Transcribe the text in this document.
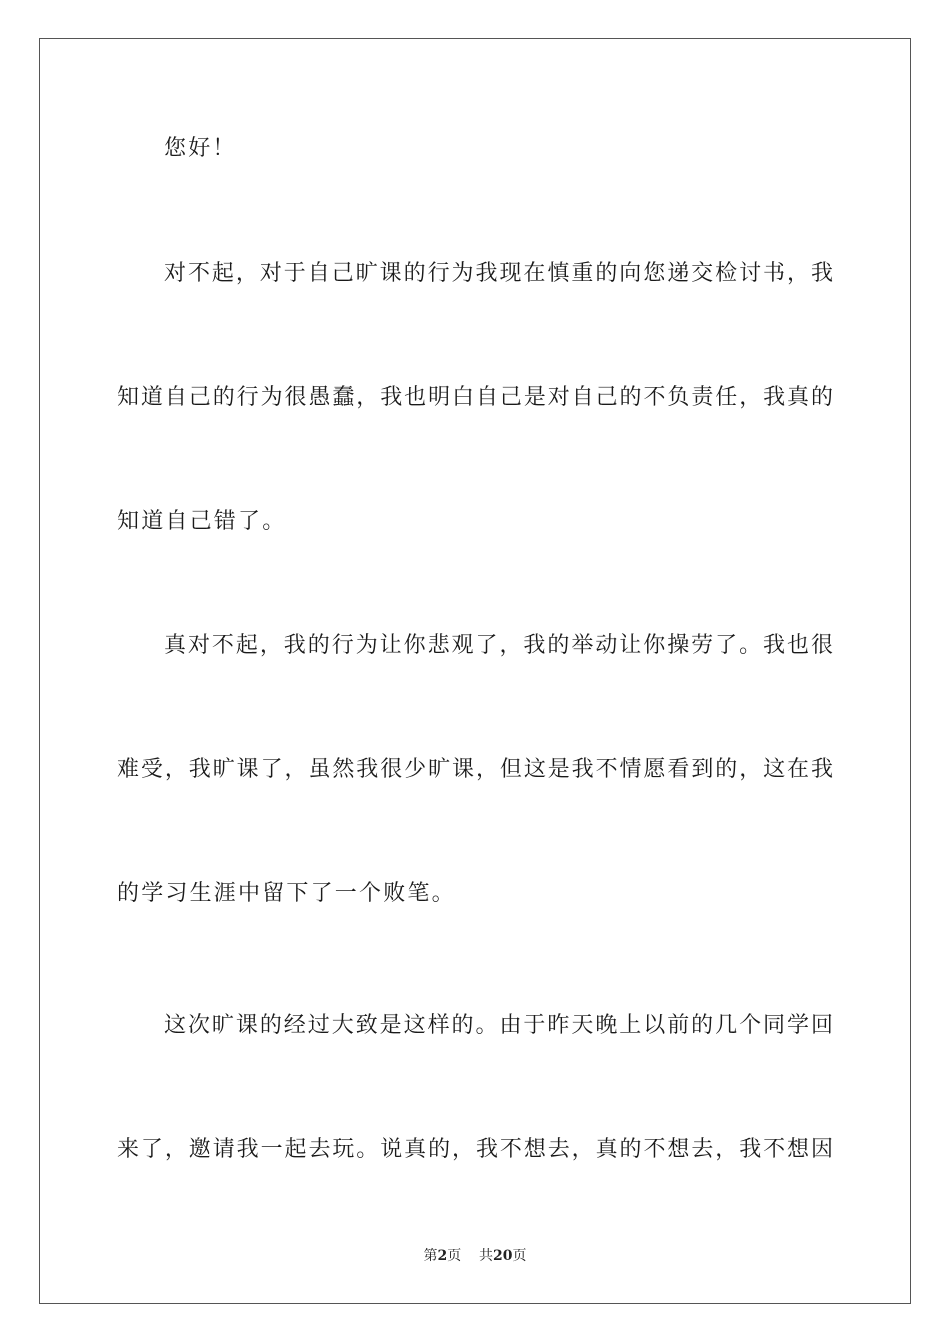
您好！
对不起，对于自己旷课的行为我现在慎重的向您递交检讨书，我
知道自己的行为很愚蠢，我也明白自己是对自己的不负责任，我真的
知道自己错了。
真对不起，我的行为让你悲观了，我的举动让你操劳了。我也很
难受，我旷课了，虽然我很少旷课，但这是我不情愿看到的，这在我
的学习生涯中留下了一个败笔。
这次旷课的经过大致是这样的。由于昨天晚上以前的几个同学回
来了，邀请我一起去玩。说真的，我不想去，真的不想去，我不想因
第2页 共20页
